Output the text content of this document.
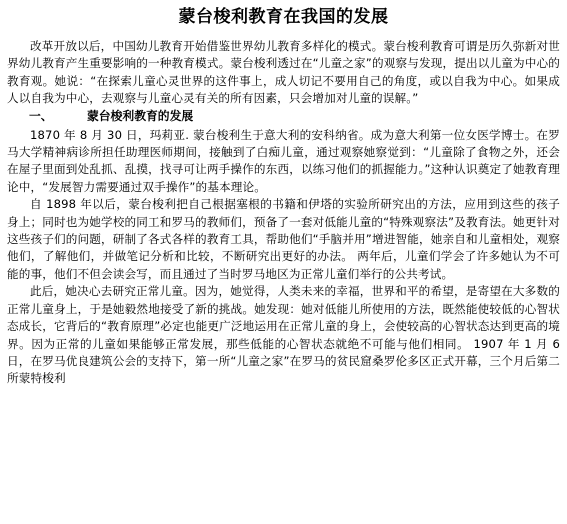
蒙台梭利教育在我国的发展

改革开放以后，中国幼儿教育开始借鉴世界幼儿教育多样化的模式。蒙台梭利教育可谓是历久弥新对世界幼儿教育产生重要影响的一种教育模式。蒙台梭利透过在“儿童之家”的观察与发现，提出以儿童为中心的教育观。她说：“在探索儿童心灵世界的这件事上，成人切记不要用自己的角度，或以自我为中心。如果成人以自我为中心，去观察与儿童心灵有关的所有因素，只会增加对儿童的误解。”

一、	蒙台梭利教育的发展

1870 年 8 月 30 日，玛莉亚. 蒙台梭利生于意大利的安科纳省。成为意大利第一位女医学博士。在罗马大学精神病诊所担任助理医师期间，接触到了白痴儿童，通过观察她察觉到：“儿童除了食物之外，还会在屋子里面到处乱抓、乱摸，找寻可让两手操作的东西，以练习他们的抓握能力。”这种认识奠定了她教育理论中，“发展智力需要通过双手操作”的基本理论。

自 1898 年以后，蒙台梭利把自己根据塞根的书籍和伊塔的实验所研究出的方法，应用到这些的孩子身上；同时也为她学校的同工和罗马的教师们，预备了一套对低能儿童的“特殊观察法”及教育法。她更针对这些孩子们的问题，研制了各式各样的教育工具，帮助他们“手脑并用”增进智能，她亲自和儿童相处，观察他们，了解他们，并做笔记分析和比较，不断研究出更好的办法。 两年后，儿童们学会了许多她认为不可能的事，他们不但会读会写，而且通过了当时罗马地区为正常儿童们举行的公共考试。

此后，她决心去研究正常儿童。因为，她觉得，人类未来的幸福，世界和平的希望，是寄望在大多数的正常儿童身上，于是她毅然地接受了新的挑战。她发现：她对低能儿所使用的方法，既然能使较低的心智状态成长，它背后的“教育原理”必定也能更广泛地运用在正常儿童的身上，会使较高的心智状态达到更高的境界。因为正常的儿童如果能够正常发展，那些低能的心智状态就绝不可能与他们相同。 1907 年 1 月 6 日，在罗马优良建筑公会的支持下，第一所“儿童之家”在罗马的贫民窟桑罗伦多区正式开幕，三个月后第二所蒙特梭利
